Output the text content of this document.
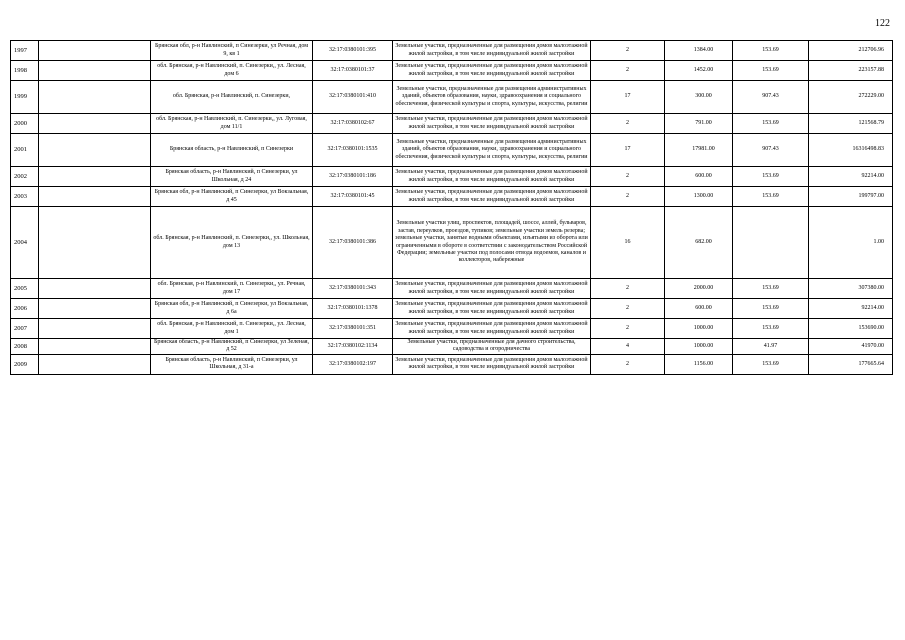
122
1997		Брянская обл, р-н Навлинский, п Синезерки, ул Речная, дом 9, кв 1	32:17:0380101:395	Земельные участки, предназначенные для размещения домов малоэтажной жилой застройки, в том числе индивидуальной жилой застройки	2	1384.00	153.69	212706.96
1998		обл. Брянская, р-н Навлинский, п. Синезерки,, ул. Лесная, дом 6	32:17:0380101:37	Земельные участки, предназначенные для размещения домов малоэтажной жилой застройки, в том числе индивидуальной жилой застройки	2	1452.00	153.69	223157.88
1999		обл. Брянская, р-н Навлинский, п. Синезерки,	32:17:0380101:410	Земельные участки, предназначенные для размещения административных зданий, объектов образования, науки, здравоохранения и социального обеспечения, физической культуры и спорта, культуры, искусства, религии	17	300.00	907.43	272229.00
2000		обл. Брянская, р-н Навлинский, п. Синезерки,, ул. Луговая, дом 11/1	32:17:0380102:67	Земельные участки, предназначенные для размещения домов малоэтажной жилой застройки, в том числе индивидуальной жилой застройки	2	791.00	153.69	121568.79
2001		Брянская область, р-н Навлинский, п Синезерки	32:17:0380101:1535	Земельные участки, предназначенные для размещения административных зданий, объектов образования, науки, здравоохранения и социального обеспечения, физической культуры и спорта, культуры, искусства, религии	17	17981.00	907.43	16316498.83
2002		Брянская область, р-н Навлинский, п Синезерки, ул Школьная, д 24	32:17:0380101:186	Земельные участки, предназначенные для размещения домов малоэтажной жилой застройки, в том числе индивидуальной жилой застройки	2	600.00	153.69	92214.00
2003		Брянская обл, р-н Навлинский, п Синезерки, ул Вокзальная, д 45	32:17:0380101:45	Земельные участки, предназначенные для размещения домов малоэтажной жилой застройки, в том числе индивидуальной жилой застройки	2	1300.00	153.69	199797.00
2004		обл. Брянская, р-н Навлинский, п. Синезерки,, ул. Школьная, дом 13	32:17:0380101:386	Земельные участки улиц, проспектов, площадей, шоссе, аллей, бульваров, застав, переулков, проездов, тупиков; земельные участки земель резерва; земельные участки, занятые водными объектами, изъятыми из оборота или ограниченными в обороте в соответствии с законодательством Российской Федерации; земельные участки под полосами отвода водоемов, каналов и коллекторов, набережные	16	682.00		1.00
2005		обл. Брянская, р-н Навлинский, п. Синезерки,, ул. Речная, дом 17	32:17:0380101:343	Земельные участки, предназначенные для размещения домов малоэтажной жилой застройки, в том числе индивидуальной жилой застройки	2	2000.00	153.69	307380.00
2006		Брянская обл, р-н Навлинский, п Синезерки, ул Вокзальная, д 6а	32:17:0380101:1378	Земельные участки, предназначенные для размещения домов малоэтажной жилой застройки, в том числе индивидуальной жилой застройки	2	600.00	153.69	92214.00
2007		обл. Брянская, р-н Навлинский, п. Синезерки,, ул. Лесная, дом 1	32:17:0380101:351	Земельные участки, предназначенные для размещения домов малоэтажной жилой застройки, в том числе индивидуальной жилой застройки	2	1000.00	153.69	153690.00
2008		Брянская область, р-н Навлинский, п Синезерки, ул Зеленая, д 52	32:17:0380102:1134	Земельные участки, предназначенные для дачного строительства, садоводства и огородничества	4	1000.00	41.97	41970.00
2009		Брянская область, р-н Навлинский, п Синезерки, ул Школьная, д 31-а	32:17:0380102:197	Земельные участки, предназначенные для размещения домов малоэтажной жилой застройки, в том числе индивидуальной жилой застройки	2	1156.00	153.69	177665.64
